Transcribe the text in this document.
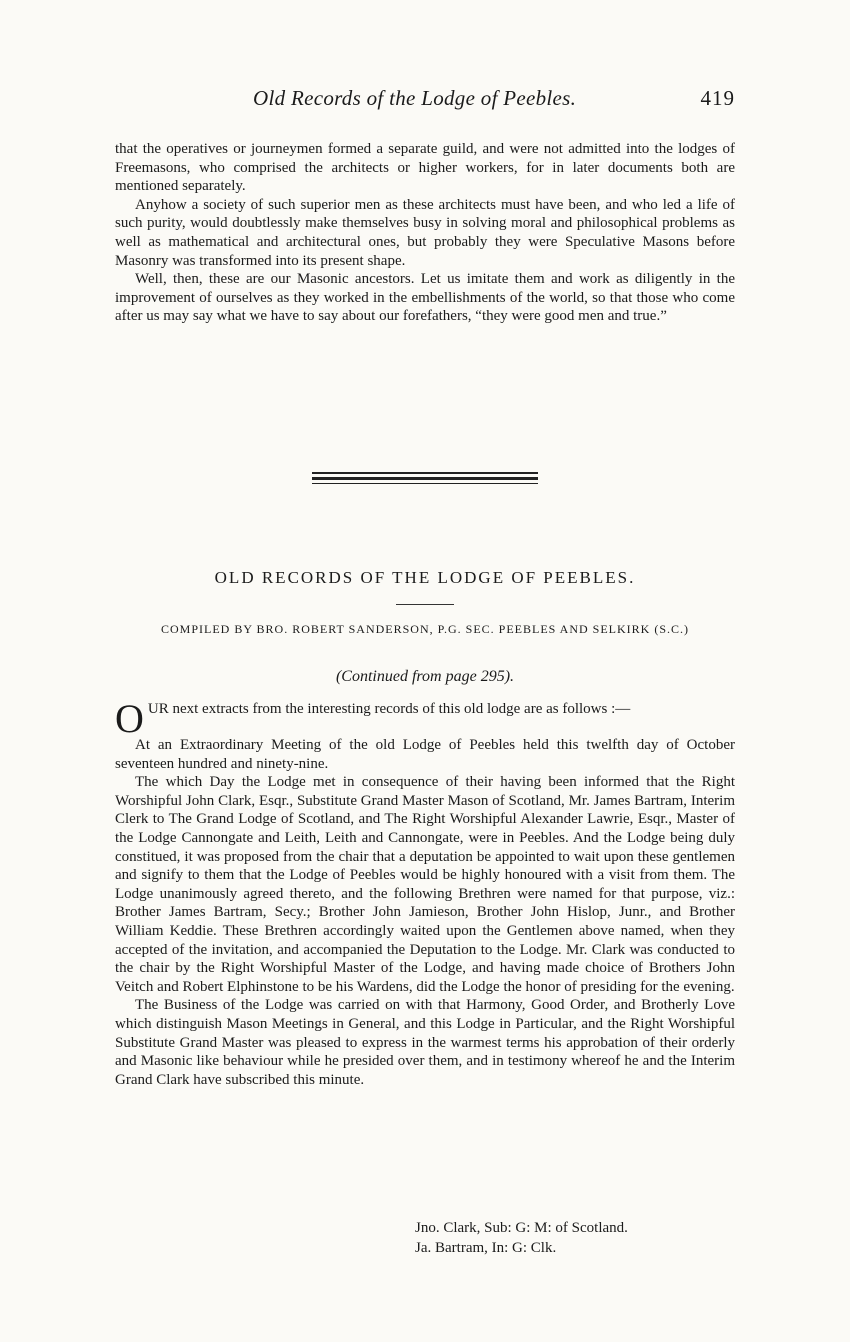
Old Records of the Lodge of Peebles.	419

that the operatives or journeymen formed a separate guild, and were not admitted into the lodges of Freemasons, who comprised the architects or higher workers, for in later documents both are mentioned separately.

Anyhow a society of such superior men as these architects must have been, and who led a life of such purity, would doubtlessly make themselves busy in solving moral and philosophical problems as well as mathematical and architectural ones, but probably they were Speculative Masons before Masonry was transformed into its present shape.

Well, then, these are our Masonic ancestors. Let us imitate them and work as diligently in the improvement of ourselves as they worked in the embellishments of the world, so that those who come after us may say what we have to say about our forefathers, “they were good men and true.”

OLD RECORDS OF THE LODGE OF PEEBLES.
COMPILED BY BRO. ROBERT SANDERSON, P.G. SEC. PEEBLES AND SELKIRK (S.C.)
(Continued from page 295).
OUR next extracts from the interesting records of this old lodge are as follows :—

At an Extraordinary Meeting of the old Lodge of Peebles held this twelfth day of October seventeen hundred and ninety-nine.

The which Day the Lodge met in consequence of their having been informed that the Right Worshipful John Clark, Esqr., Substitute Grand Master Mason of Scotland, Mr. James Bartram, Interim Clerk to The Grand Lodge of Scotland, and The Right Worshipful Alexander Lawrie, Esqr., Master of the Lodge Cannongate and Leith, Leith and Cannongate, were in Peebles. And the Lodge being duly constitued, it was proposed from the chair that a deputation be appointed to wait upon these gentlemen and signify to them that the Lodge of Peebles would be highly honoured with a visit from them. The Lodge unanimously agreed thereto, and the following Brethren were named for that purpose, viz.: Brother James Bartram, Secy.; Brother John Jamieson, Brother John Hislop, Junr., and Brother William Keddie. These Brethren accordingly waited upon the Gentlemen above named, when they accepted of the invitation, and accompanied the Deputation to the Lodge. Mr. Clark was conducted to the chair by the Right Worshipful Master of the Lodge, and having made choice of Brothers John Veitch and Robert Elphinstone to be his Wardens, did the Lodge the honor of presiding for the evening.

The Business of the Lodge was carried on with that Harmony, Good Order, and Brotherly Love which distinguish Mason Meetings in General, and this Lodge in Particular, and the Right Worshipful Substitute Grand Master was pleased to express in the warmest terms his approbation of their orderly and Masonic like behaviour while he presided over them, and in testimony whereof he and the Interim Grand Clark have subscribed this minute.

Jno. Clark, Sub: G: M: of Scotland.
Ja. Bartram, In: G: Clk.
